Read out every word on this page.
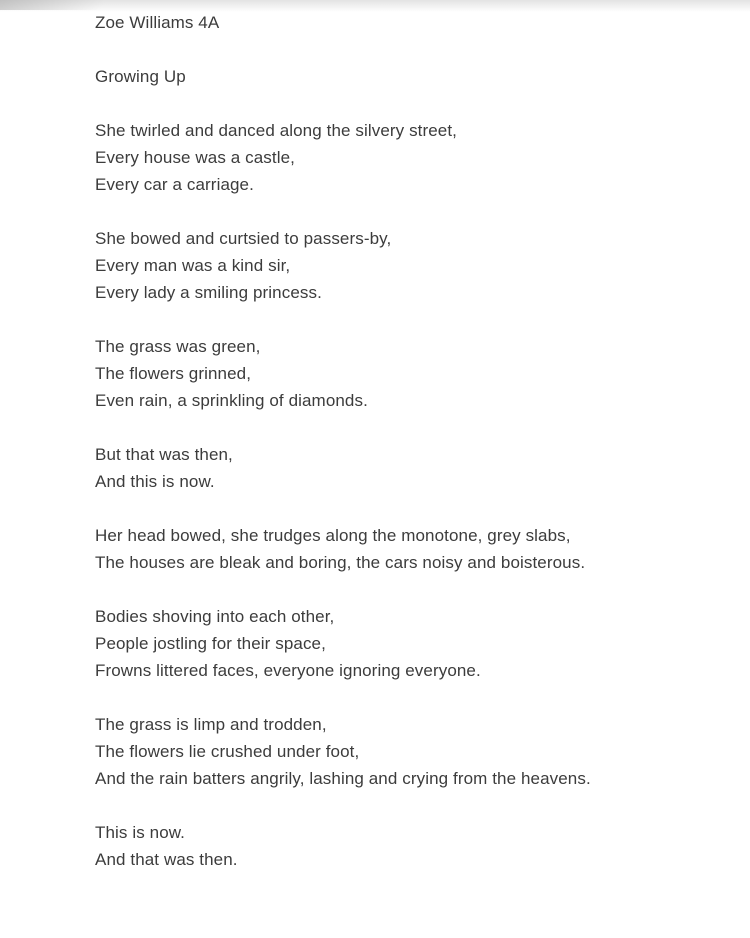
Zoe Williams 4A

Growing Up

She twirled and danced along the silvery street,

Every house was a castle,

Every car a carriage.

She bowed and curtsied to passers-by,

Every man was a kind sir,

Every lady a smiling princess.

The grass was green,

The flowers grinned,

Even rain, a sprinkling of diamonds.

But that was then,

And this is now.

Her head bowed, she trudges along the monotone, grey slabs,

The houses are bleak and boring, the cars noisy and boisterous.

Bodies shoving into each other,

People jostling for their space,

Frowns littered faces, everyone ignoring everyone.

The grass is limp and trodden,

The flowers lie crushed under foot,

And the rain batters angrily, lashing and crying from the heavens.

This is now.

And that was then.
